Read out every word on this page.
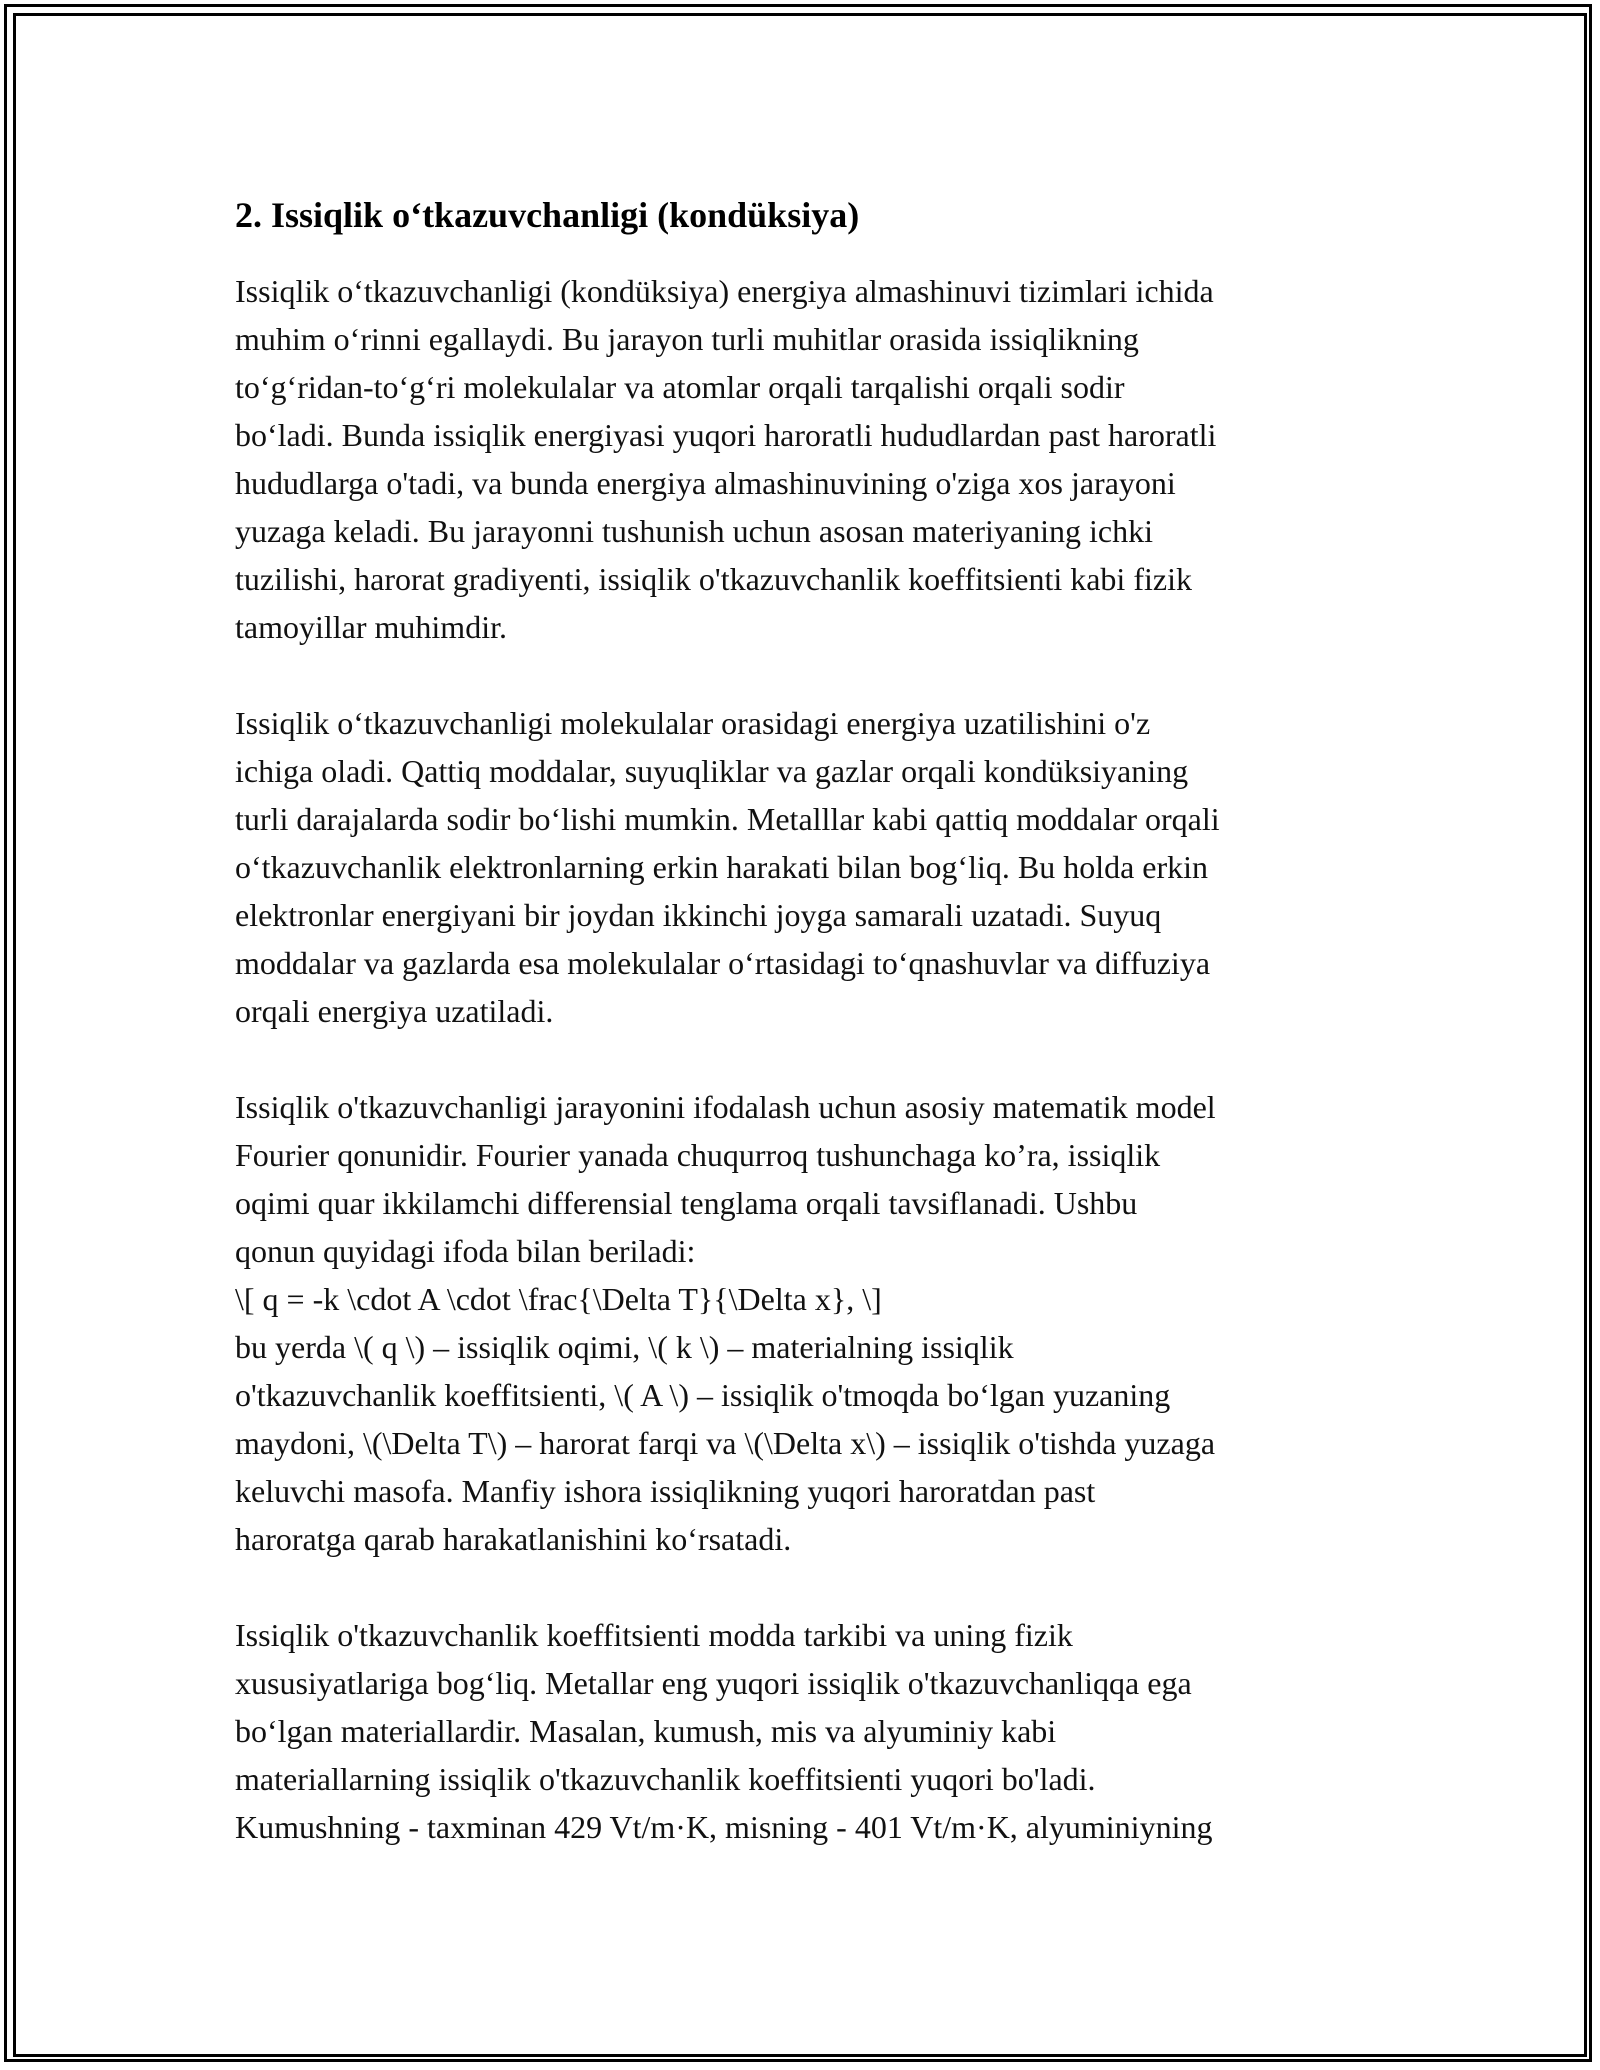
2. Issiqlik o‘tkazuvchanligi (kondüksiya)

Issiqlik o‘tkazuvchanligi (kondüksiya) energiya almashinuvi tizimlari ichida
muhim o‘rinni egallaydi. Bu jarayon turli muhitlar orasida issiqlikning
to‘g‘ridan-to‘g‘ri molekulalar va atomlar orqali tarqalishi orqali sodir
bo‘ladi. Bunda issiqlik energiyasi yuqori haroratli hududlardan past haroratli
hududlarga o'tadi, va bunda energiya almashinuvining o'ziga xos jarayoni
yuzaga keladi. Bu jarayonni tushunish uchun asosan materiyaning ichki
tuzilishi, harorat gradiyenti, issiqlik o'tkazuvchanlik koeffitsienti kabi fizik
tamoyillar muhimdir.

Issiqlik o‘tkazuvchanligi molekulalar orasidagi energiya uzatilishini o'z
ichiga oladi. Qattiq moddalar, suyuqliklar va gazlar orqali kondüksiyaning
turli darajalarda sodir bo‘lishi mumkin. Metalllar kabi qattiq moddalar orqali
o‘tkazuvchanlik elektronlarning erkin harakati bilan bog‘liq. Bu holda erkin
elektronlar energiyani bir joydan ikkinchi joyga samarali uzatadi. Suyuq
moddalar va gazlarda esa molekulalar o‘rtasidagi to‘qnashuvlar va diffuziya
orqali energiya uzatiladi.

Issiqlik o'tkazuvchanligi jarayonini ifodalash uchun asosiy matematik model
Fourier qonunidir. Fourier yanada chuqurroq tushunchaga ko’ra, issiqlik
oqimi quar ikkilamchi differensial tenglama orqali tavsiflanadi. Ushbu
qonun quyidagi ifoda bilan beriladi:
\[ q = -k \cdot A \cdot \frac{\Delta T}{\Delta x}, \]
bu yerda \( q \) – issiqlik oqimi, \( k \) – materialning issiqlik
o'tkazuvchanlik koeffitsienti, \( A \) – issiqlik o'tmoqda bo‘lgan yuzaning
maydoni, \(\Delta T\) – harorat farqi va \(\Delta x\) – issiqlik o'tishda yuzaga
keluvchi masofa. Manfiy ishora issiqlikning yuqori haroratdan past
haroratga qarab harakatlanishini ko‘rsatadi.

Issiqlik o'tkazuvchanlik koeffitsienti modda tarkibi va uning fizik
xususiyatlariga bog‘liq. Metallar eng yuqori issiqlik o'tkazuvchanliqqa ega
bo‘lgan materiallardir. Masalan, kumush, mis va alyuminiy kabi
materiallarning issiqlik o'tkazuvchanlik koeffitsienti yuqori bo'ladi.
Kumushning - taxminan 429 Vt/m·K, misning - 401 Vt/m·K, alyuminiyning
